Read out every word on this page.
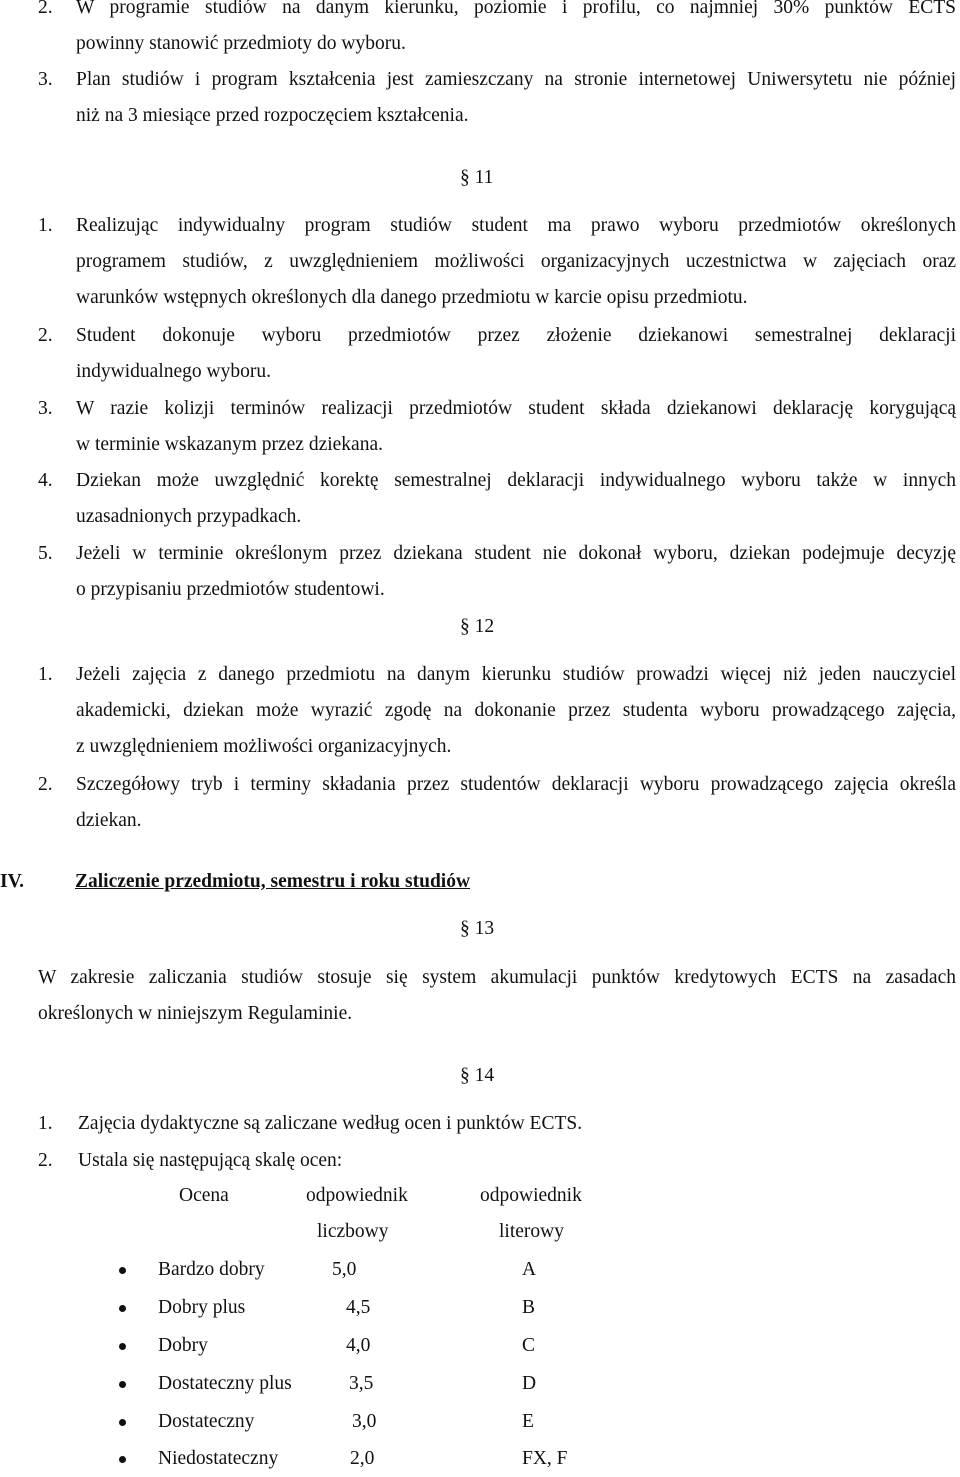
2. W programie studiów na danym kierunku, poziomie i profilu, co najmniej 30% punktów ECTS
powinny stanowić przedmioty do wyboru.
3. Plan studiów i program kształcenia jest zamieszczany na stronie internetowej Uniwersytetu nie później
niż na 3 miesiące przed rozpoczęciem kształcenia.
§ 11
1. Realizując indywidualny program studiów student ma prawo wyboru przedmiotów określonych
programem studiów, z uwzględnieniem możliwości organizacyjnych uczestnictwa w zajęciach oraz
warunków wstępnych określonych dla danego przedmiotu w karcie opisu przedmiotu.
2. Student dokonuje wyboru przedmiotów przez złożenie dziekanowi semestralnej deklaracji
indywidualnego wyboru.
3. W razie kolizji terminów realizacji przedmiotów student składa dziekanowi deklarację korygującą
w terminie wskazanym przez dziekana.
4. Dziekan może uwzględnić korektę semestralnej deklaracji indywidualnego wyboru także w innych
uzasadnionych przypadkach.
5. Jeżeli w terminie określonym przez dziekana student nie dokonał wyboru, dziekan podejmuje decyzję
o przypisaniu przedmiotów studentowi.
§ 12
1. Jeżeli zajęcia z danego przedmiotu na danym kierunku studiów prowadzi więcej niż jeden nauczyciel
akademicki, dziekan może wyrazić zgodę na dokonanie przez studenta wyboru prowadzącego zajęcia,
z uwzględnieniem możliwości organizacyjnych.
2. Szczegółowy tryb i terminy składania przez studentów deklaracji wyboru prowadzącego zajęcia określa
dziekan.
IV.	Zaliczenie przedmiotu, semestru i roku studiów
§ 13
W zakresie zaliczania studiów stosuje się system akumulacji punktów kredytowych ECTS na zasadach
określonych w niniejszym Regulaminie.
§ 14
1. Zajęcia dydaktyczne są zaliczane według ocen i punktów ECTS.
2. Ustala się następującą skalę ocen:
Ocena	odpowiednik	odpowiednik
liczbowy	literowy
Bardzo dobry	5,0	A
Dobry plus	4,5	B
Dobry	4,0	C
Dostateczny plus	3,5	D
Dostateczny	3,0	E
Niedostateczny	2,0	FX, F
